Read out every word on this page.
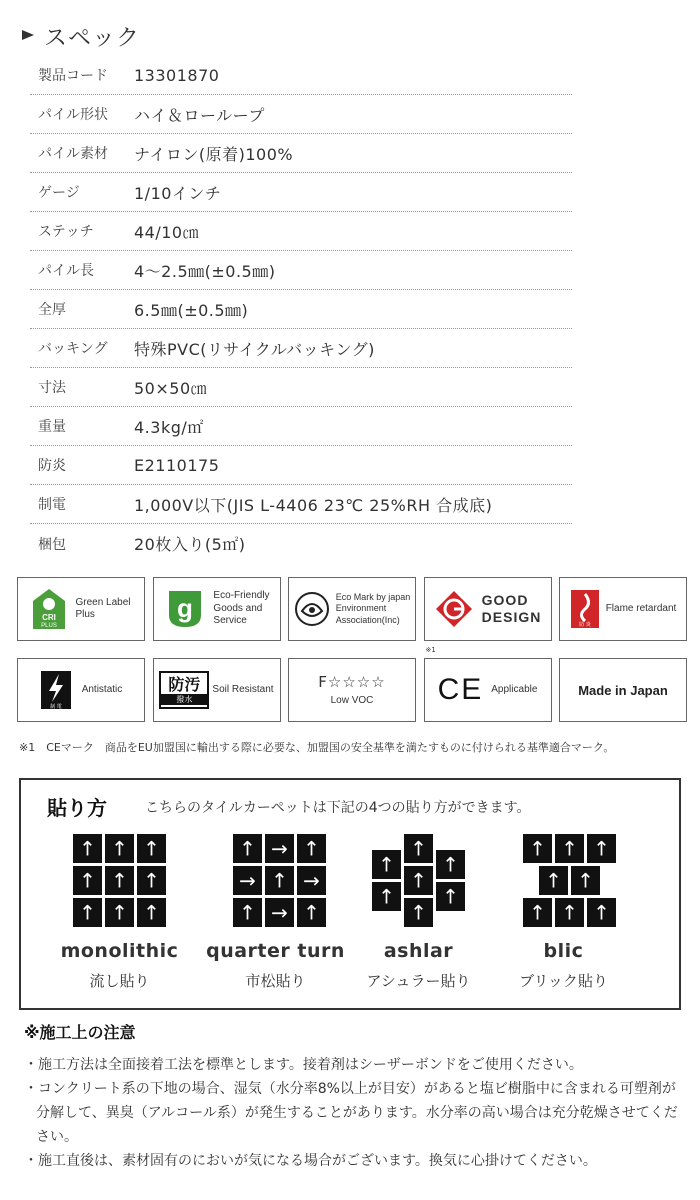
スペック
製品コード	13301870
パイル形状	ハイ＆ローループ
パイル素材	ナイロン(原着)100%
ゲージ	1/10インチ
ステッチ	44/10㎝
パイル長	4〜2.5㎜(±0.5㎜)
全厚	6.5㎜(±0.5㎜)
バッキング	特殊PVC(リサイクルバッキング)
寸法	50×50㎝
重量	4.3kg/㎡
防炎	E2110175
制電	1,000V以下(JIS L-4406 23℃ 25%RH 合成底)
梱包	20枚入り(5㎡)
CRI
PLUS
Green Label
Plus	g Eco-Friendly
Goods and
Service
Eco Mark by japan
Environment
Association(Inc)
GOOD
DESIGN	防 炎
Flame retardant
制 電
Antistatic	防汚
撥水
Soil Resistant	F☆☆☆☆
Low VOC
※1
CE Applicable	Made in Japan
※1　CEマーク　商品をEU加盟国に輸出する際に必要な、加盟国の安全基準を満たすものに付けられる基準適合マーク。
貼り方	こちらのタイルカーペットは下記の4つの貼り方ができます。
↑ ↑ ↑
↑ ↑ ↑
↑ ↑ ↑
monolithic
流し貼り
↑ → ↑
→ ↑ →
↑ → ↑
quarter turn
市松貼り
↑
↑
↑
↑
↑
↑
↑
ashlar
アシュラー貼り
↑ ↑ ↑
↑ ↑
↑ ↑ ↑
blic
ブリック貼り
※施工上の注意
・施工方法は全面接着工法を標準とします。接着剤はシーザーボンドをご使用ください。
・コンクリート系の下地の場合、湿気（水分率8%以上が目安）があると塩ビ樹脂中に含まれる可塑剤が分解して、異臭（アルコール系）が発生することがあります。水分率の高い場合は充分乾燥させてください。
・施工直後は、素材固有のにおいが気になる場合がございます。換気に心掛けてください。
